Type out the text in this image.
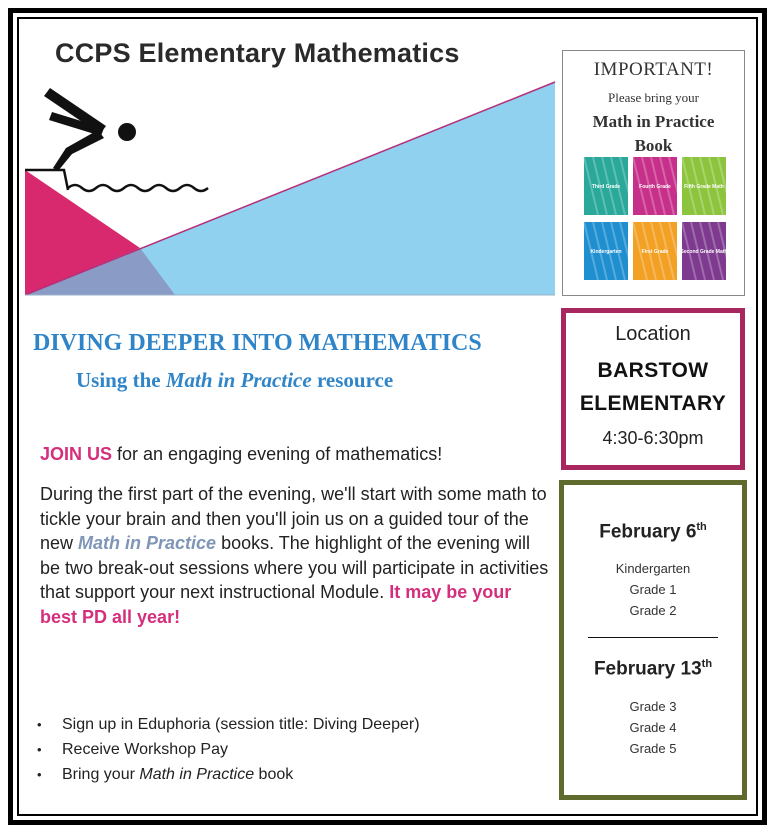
CCPS Elementary Mathematics
IMPORTANT!
Please bring your
Math in Practice
Book
Third Grade	Fourth Grade	Fifth Grade Math
Kindergarten	First Grade Second Grade Math
DIVING DEEPER INTO MATHEMATICS
Using the Math in Practice resource
Location
BARSTOW
ELEMENTARY
4:30-6:30pm
February 6th
Kindergarten
Grade 1
Grade 2
February 13th
Grade 3
Grade 4
Grade 5

JOIN US for an engaging evening of mathematics!

During the first part of the evening, we'll start with some math to tickle your brain and then you'll join us on a guided tour of the new Math in Practice books. The highlight of the evening will be two break-out sessions where you will participate in activities that support your next instructional Module. It may be your best PD all year!

• Sign up in Eduphoria (session title: Diving Deeper)
• Receive Workshop Pay
• Bring your Math in Practice book
